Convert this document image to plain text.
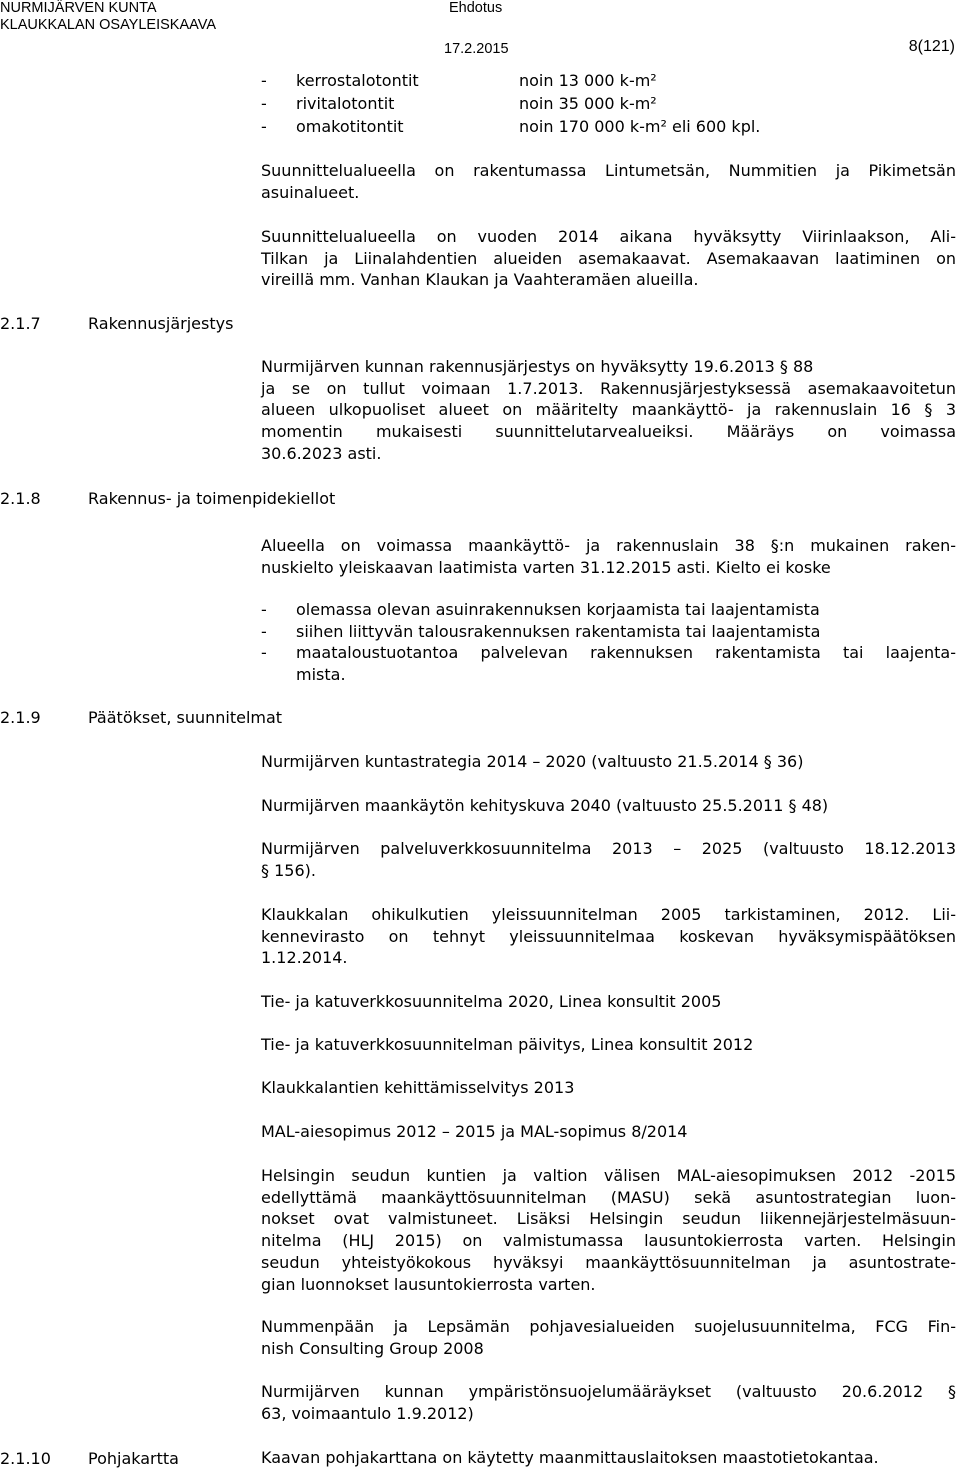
NURMIJÄRVEN KUNTA
KLAUKKALAN OSAYLEISKAAVA
Ehdotus
17.2.2015	8(121)
2.1.7	Rakennusjärjestys
2.1.8	Rakennus- ja toimenpidekiellot
2.1.9	Päätökset, suunnitelmat
2.1.10 Pohjakartta
- kerrostalotontit	noin 13 000 k-m²
- rivitalotontit	noin 35 000 k-m²
- omakotitontit	noin 170 000 k-m² eli 600 kpl.
Suunnittelualueella on rakentumassa Lintumetsän, Nummitien ja Pikimetsän
asuinalueet.
Suunnittelualueella on vuoden 2014 aikana hyväksytty Viirinlaakson, Ali-
Tilkan ja Liinalahdentien alueiden asemakaavat. Asemakaavan laatiminen on
vireillä mm. Vanhan Klaukan ja Vaahteramäen alueilla.
Nurmijärven kunnan rakennusjärjestys on hyväksytty 19.6.2013 § 88
ja se on tullut voimaan 1.7.2013. Rakennusjärjestyksessä asemakaavoitetun
alueen ulkopuoliset alueet on määritelty maankäyttö- ja rakennuslain 16 § 3
momentin mukaisesti suunnittelutarvealueiksi. Määräys on voimassa
30.6.2023 asti.
Alueella on voimassa maankäyttö- ja rakennuslain 38 §:n mukainen raken-
nuskielto yleiskaavan laatimista varten 31.12.2015 asti. Kielto ei koske
-	olemassa olevan asuinrakennuksen korjaamista tai laajentamista
-	siihen liittyvän talousrakennuksen rakentamista tai laajentamista
-	maataloustuotantoa palvelevan rakennuksen rakentamista tai laajenta-
mista.
Nurmijärven kuntastrategia 2014 – 2020 (valtuusto 21.5.2014 § 36)
Nurmijärven maankäytön kehityskuva 2040 (valtuusto 25.5.2011 § 48)
Nurmijärven palveluverkkosuunnitelma 2013 – 2025 (valtuusto 18.12.2013
§ 156).
Klaukkalan ohikulkutien yleissuunnitelman 2005 tarkistaminen, 2012. Lii-
kennevirasto on tehnyt yleissuunnitelmaa koskevan hyväksymispäätöksen
1.12.2014.
Tie- ja katuverkkosuunnitelma 2020, Linea konsultit 2005
Tie- ja katuverkkosuunnitelman päivitys, Linea konsultit 2012
Klaukkalantien kehittämisselvitys 2013
MAL-aiesopimus 2012 – 2015 ja MAL-sopimus 8/2014
Helsingin seudun kuntien ja valtion välisen MAL-aiesopimuksen 2012 -2015
edellyttämä maankäyttösuunnitelman (MASU) sekä asuntostrategian luon-
nokset ovat valmistuneet. Lisäksi Helsingin seudun liikennejärjestelmäsuun-
nitelma (HLJ 2015) on valmistumassa lausuntokierrosta varten. Helsingin
seudun yhteistyökokous hyväksyi maankäyttösuunnitelman ja asuntostrate-
gian luonnokset lausuntokierrosta varten.
Nummenpään ja Lepsämän pohjavesialueiden suojelusuunnitelma, FCG Fin-
nish Consulting Group 2008
Nurmijärven kunnan ympäristönsuojelumääräykset (valtuusto 20.6.2012 §
63, voimaantulo 1.9.2012)
Kaavan pohjakarttana on käytetty maanmittauslaitoksen maastotietokantaa.
